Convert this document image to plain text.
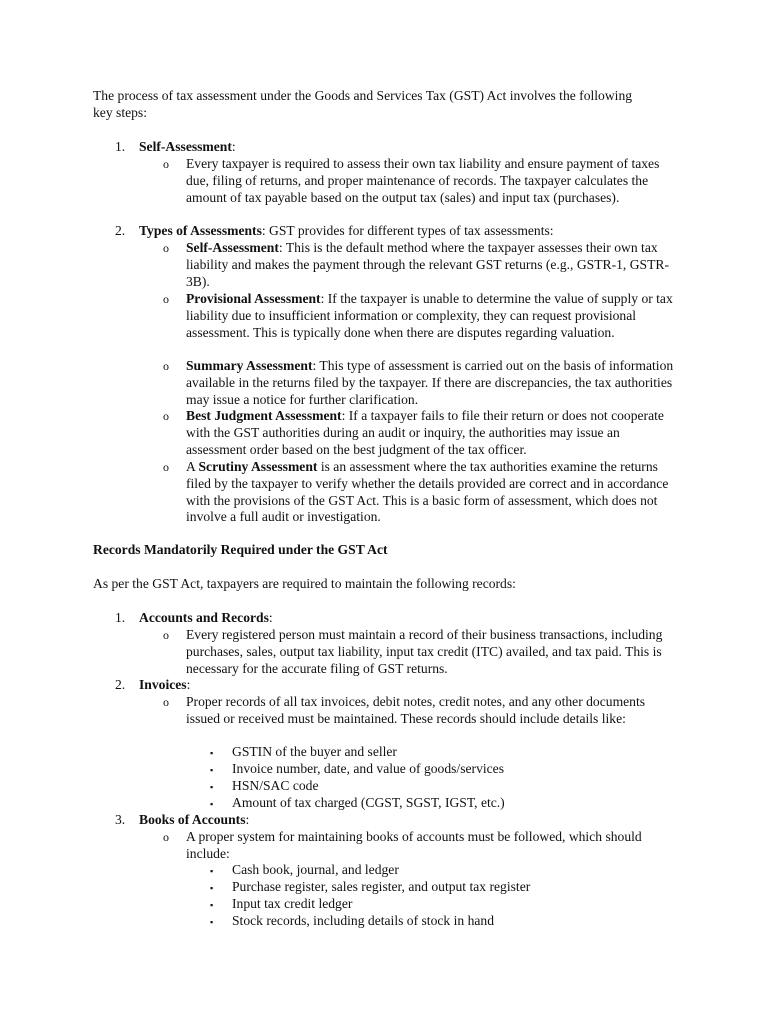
The process of tax assessment under the Goods and Services Tax (GST) Act involves the following key steps:

1. Self-Assessment:
o Every taxpayer is required to assess their own tax liability and ensure payment of taxes due, filing of returns, and proper maintenance of records. The taxpayer calculates the amount of tax payable based on the output tax (sales) and input tax (purchases).

2. Types of Assessments: GST provides for different types of tax assessments:
o Self-Assessment: This is the default method where the taxpayer assesses their own tax liability and makes the payment through the relevant GST returns (e.g., GSTR-1, GSTR-3B).

o Provisional Assessment: If the taxpayer is unable to determine the value of supply or tax liability due to insufficient information or complexity, they can request provisional assessment. This is typically done when there are disputes regarding valuation.

o Summary Assessment: This type of assessment is carried out on the basis of information available in the returns filed by the taxpayer. If there are discrepancies, the tax authorities may issue a notice for further clarification.

o Best Judgment Assessment: If a taxpayer fails to file their return or does not cooperate with the GST authorities during an audit or inquiry, the authorities may issue an assessment order based on the best judgment of the tax officer.

o A Scrutiny Assessment is an assessment where the tax authorities examine the returns filed by the taxpayer to verify whether the details provided are correct and in accordance with the provisions of the GST Act. This is a basic form of assessment, which does not involve a full audit or investigation.

Records Mandatorily Required under the GST Act

As per the GST Act, taxpayers are required to maintain the following records:

1. Accounts and Records:
o Every registered person must maintain a record of their business transactions, including purchases, sales, output tax liability, input tax credit (ITC) availed, and tax paid. This is necessary for the accurate filing of GST returns.

2. Invoices:
o Proper records of all tax invoices, debit notes, credit notes, and any other documents issued or received must be maintained. These records should include details like:

▪ GSTIN of the buyer and seller

▪ Invoice number, date, and value of goods/services

▪ HSN/SAC code

▪ Amount of tax charged (CGST, SGST, IGST, etc.)

3. Books of Accounts:
o A proper system for maintaining books of accounts must be followed, which should include:

▪ Cash book, journal, and ledger

▪ Purchase register, sales register, and output tax register

▪ Input tax credit ledger

▪ Stock records, including details of stock in hand
